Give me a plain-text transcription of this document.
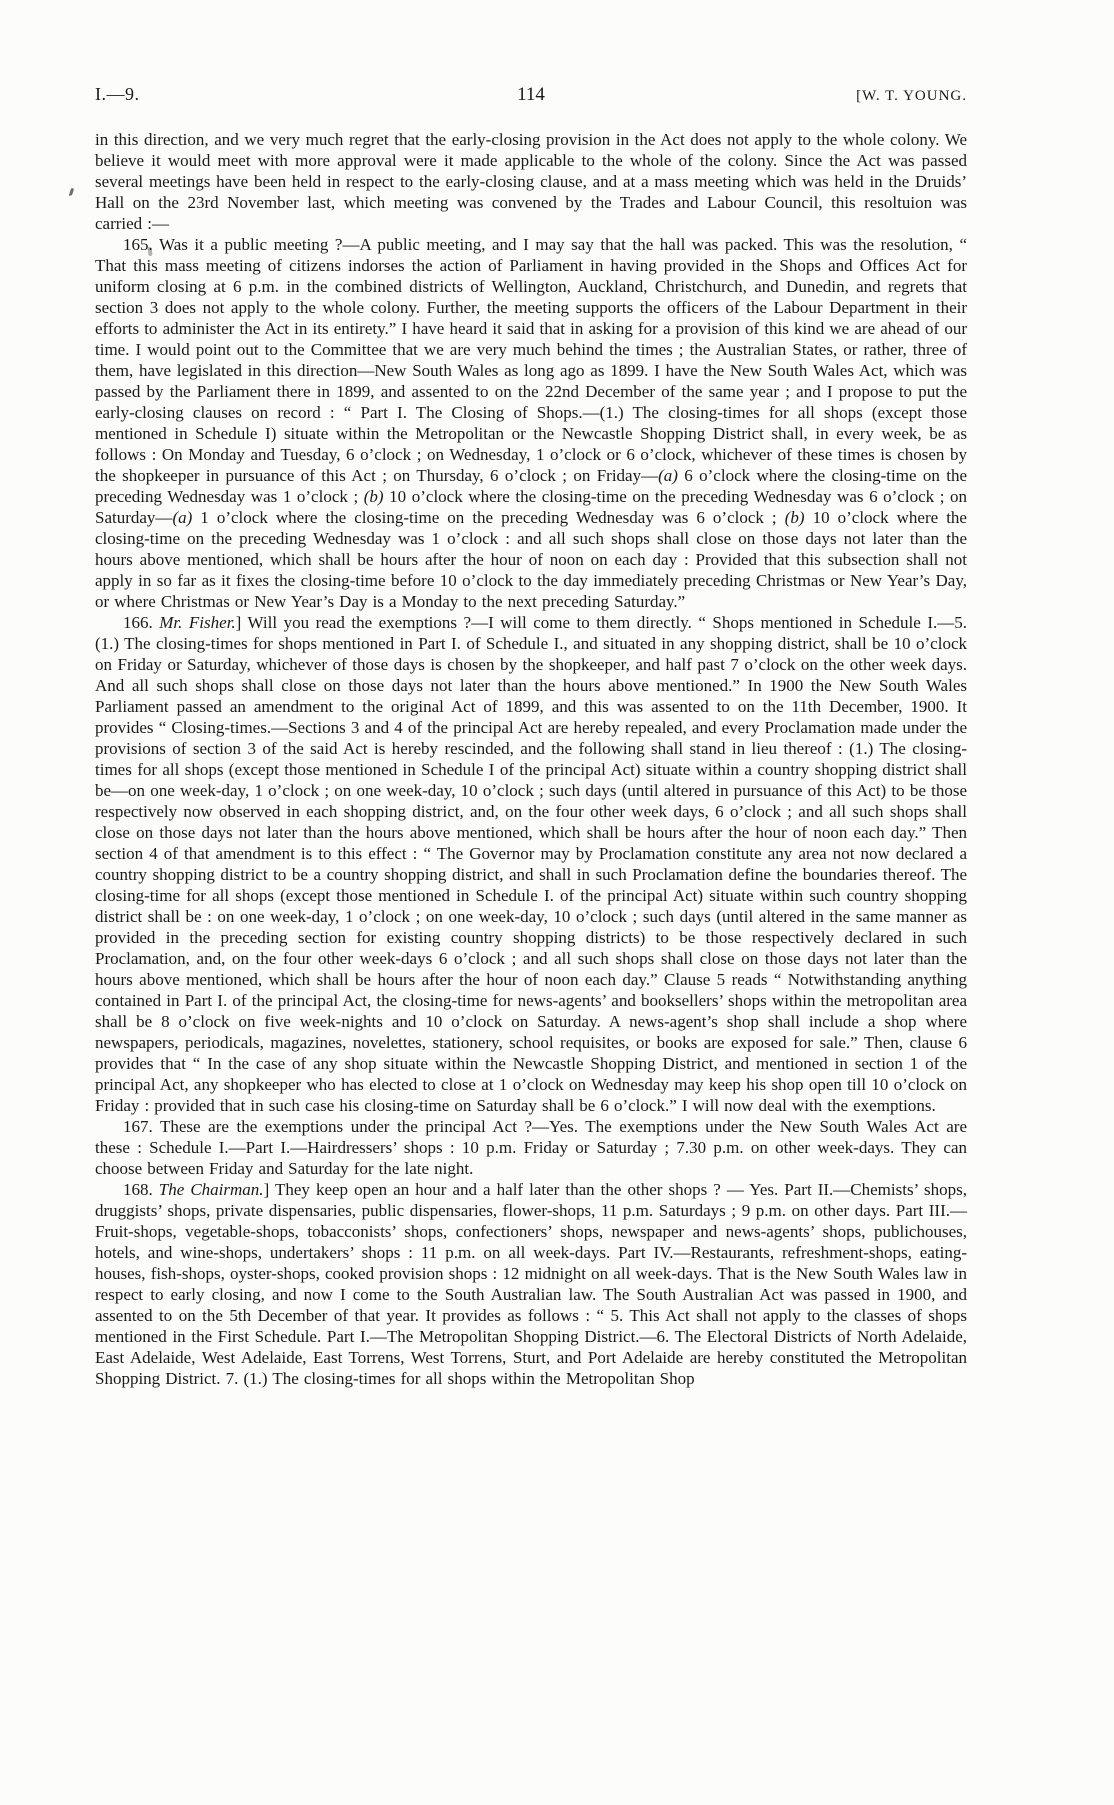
I.—9.	114	[W. T. YOUNG.

in this direction, and we very much regret that the early-closing provision in the Act does not apply to the whole colony. We believe it would meet with more approval were it made applicable to the whole of the colony. Since the Act was passed several meetings have been held in respect to the early-closing clause, and at a mass meeting which was held in the Druids’ Hall on the 23rd November last, which meeting was convened by the Trades and Labour Council, this resoltuion was carried :—

165. Was it a public meeting ?—A public meeting, and I may say that the hall was packed. This was the resolution, “ That this mass meeting of citizens indorses the action of Parliament in having provided in the Shops and Offices Act for uniform closing at 6 p.m. in the combined districts of Wellington, Auckland, Christchurch, and Dunedin, and regrets that section 3 does not apply to the whole colony. Further, the meeting supports the officers of the Labour Department in their efforts to administer the Act in its entirety.” I have heard it said that in asking for a provision of this kind we are ahead of our time. I would point out to the Committee that we are very much behind the times ; the Australian States, or rather, three of them, have legislated in this direction—New South Wales as long ago as 1899. I have the New South Wales Act, which was passed by the Parliament there in 1899, and assented to on the 22nd December of the same year ; and I propose to put the early-closing clauses on record : “ Part I. The Closing of Shops.—(1.) The closing-times for all shops (except those mentioned in Schedule I) situate within the Metropolitan or the Newcastle Shopping District shall, in every week, be as follows : On Monday and Tuesday, 6 o’clock ; on Wednesday, 1 o’clock or 6 o’clock, whichever of these times is chosen by the shopkeeper in pursuance of this Act ; on Thursday, 6 o’clock ; on Friday—(a) 6 o’clock where the closing-time on the preceding Wednesday was 1 o’clock ; (b) 10 o’clock where the closing-time on the preceding Wednesday was 6 o’clock ; on Saturday—(a) 1 o’clock where the closing-time on the preceding Wednesday was 6 o’clock ; (b) 10 o’clock where the closing-time on the preceding Wednesday was 1 o’clock : and all such shops shall close on those days not later than the hours above mentioned, which shall be hours after the hour of noon on each day : Provided that this subsection shall not apply in so far as it fixes the closing-time before 10 o’clock to the day immediately preceding Christmas or New Year’s Day, or where Christmas or New Year’s Day is a Monday to the next preceding Saturday.”

166. Mr. Fisher.] Will you read the exemptions ?—I will come to them directly. “ Shops mentioned in Schedule I.—5. (1.) The closing-times for shops mentioned in Part I. of Schedule I., and situated in any shopping district, shall be 10 o’clock on Friday or Saturday, whichever of those days is chosen by the shopkeeper, and half past 7 o’clock on the other week days. And all such shops shall close on those days not later than the hours above mentioned.” In 1900 the New South Wales Parliament passed an amendment to the original Act of 1899, and this was assented to on the 11th December, 1900. It provides “ Closing-times.—Sections 3 and 4 of the principal Act are hereby repealed, and every Proclamation made under the provisions of section 3 of the said Act is hereby rescinded, and the following shall stand in lieu thereof : (1.) The closing-times for all shops (except those mentioned in Schedule I of the principal Act) situate within a country shopping district shall be—on one week-day, 1 o’clock ; on one week-day, 10 o’clock ; such days (until altered in pursuance of this Act) to be those respectively now observed in each shopping district, and, on the four other week days, 6 o’clock ; and all such shops shall close on those days not later than the hours above mentioned, which shall be hours after the hour of noon each day.” Then section 4 of that amendment is to this effect : “ The Governor may by Proclamation constitute any area not now declared a country shopping district to be a country shopping district, and shall in such Proclamation define the boundaries thereof. The closing-time for all shops (except those mentioned in Schedule I. of the principal Act) situate within such country shopping district shall be : on one week-day, 1 o’clock ; on one week-day, 10 o’clock ; such days (until altered in the same manner as provided in the preceding section for existing country shopping districts) to be those respectively declared in such Proclamation, and, on the four other week-days 6 o’clock ; and all such shops shall close on those days not later than the hours above mentioned, which shall be hours after the hour of noon each day.” Clause 5 reads “ Notwithstanding anything contained in Part I. of the principal Act, the closing-time for news-agents’ and booksellers’ shops within the metropolitan area shall be 8 o’clock on five week-nights and 10 o’clock on Saturday. A news-agent’s shop shall include a shop where newspapers, periodicals, magazines, novelettes, stationery, school requisites, or books are exposed for sale.” Then, clause 6 provides that “ In the case of any shop situate within the Newcastle Shopping District, and mentioned in section 1 of the principal Act, any shopkeeper who has elected to close at 1 o’clock on Wednesday may keep his shop open till 10 o’clock on Friday : provided that in such case his closing-time on Saturday shall be 6 o’clock.” I will now deal with the exemptions.

167. These are the exemptions under the principal Act ?—Yes. The exemptions under the New South Wales Act are these : Schedule I.—Part I.—Hairdressers’ shops : 10 p.m. Friday or Saturday ; 7.30 p.m. on other week-days. They can choose between Friday and Saturday for the late night.

168. The Chairman.] They keep open an hour and a half later than the other shops ? — Yes. Part II.—Chemists’ shops, druggists’ shops, private dispensaries, public dispensaries, flower-shops, 11 p.m. Saturdays ; 9 p.m. on other days. Part III.—Fruit-shops, vegetable-shops, tobacconists’ shops, confectioners’ shops, newspaper and news-agents’ shops, publichouses, hotels, and wine-shops, undertakers’ shops : 11 p.m. on all week-days. Part IV.—Restaurants, refreshment-shops, eating-houses, fish-shops, oyster-shops, cooked provision shops : 12 midnight on all week-days. That is the New South Wales law in respect to early closing, and now I come to the South Australian law. The South Australian Act was passed in 1900, and assented to on the 5th December of that year. It provides as follows : “ 5. This Act shall not apply to the classes of shops mentioned in the First Schedule. Part I.—The Metropolitan Shopping District.—6. The Electoral Districts of North Adelaide, East Adelaide, West Adelaide, East Torrens, West Torrens, Sturt, and Port Adelaide are hereby constituted the Metropolitan Shopping District. 7. (1.) The closing-times for all shops within the Metropolitan Shop
